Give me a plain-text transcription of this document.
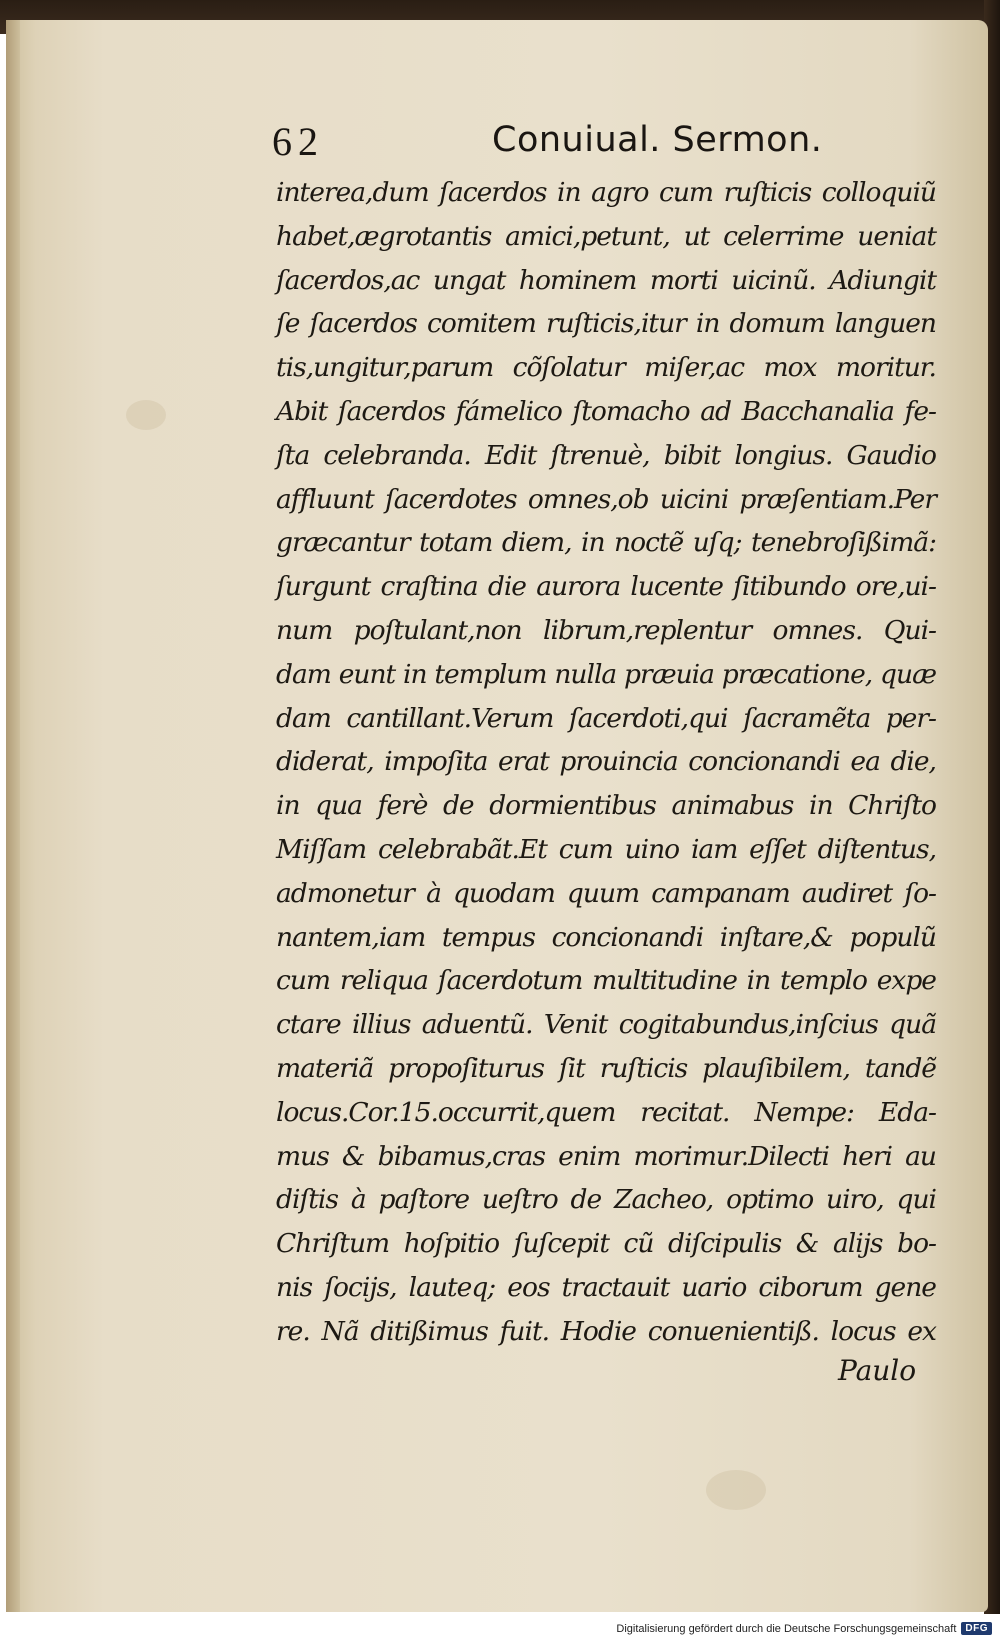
62	Conuiual. Sermon.
interea,dum ſacerdos in agro cum ruſticis colloquiũ
habet,ægrotantis amici,petunt, ut celerrime ueniat
ſacerdos,ac ungat hominem morti uicinũ. Adiungit
ſe ſacerdos comitem ruſticis,itur in domum languen
tis,ungitur,parum cõſolatur miſer,ac mox moritur.
Abit ſacerdos fámelico ſtomacho ad Bacchanalia fe-
ſta celebranda. Edit ſtrenuè, bibit longius. Gaudio
affluunt ſacerdotes omnes,ob uicini præſentiam.Per
græcantur totam diem, in noctẽ uſq; tenebroſißimã:
ſurgunt craſtina die aurora lucente ſitibundo ore,ui-
num poſtulant,non librum,replentur omnes. Qui-
dam eunt in templum nulla præuia præcatione, quæ
dam cantillant.Verum ſacerdoti,qui ſacramẽta per-
diderat, impoſita erat prouincia concionandi ea die,
in qua ferè de dormientibus animabus in Chriſto
Miſſam celebrabãt.Et cum uino iam eſſet diſtentus,
admonetur à quodam quum campanam audiret ſo-
nantem,iam tempus concionandi inſtare,& populũ
cum reliqua ſacerdotum multitudine in templo expe
ctare illius aduentũ. Venit cogitabundus,inſcius quã
materiã propoſiturus ſit ruſticis plauſibilem, tandẽ
locus.Cor.15.occurrit,quem recitat. Nempe: Eda-
mus & bibamus,cras enim morimur.Dilecti heri au
diſtis à paſtore ueſtro de Zacheo, optimo uiro, qui
Chriſtum hoſpitio ſuſcepit cũ diſcipulis & alijs bo-
nis ſocijs, lauteq; eos tractauit uario ciborum gene
re. Nã ditißimus fuit. Hodie conuenientiß. locus ex
Paulo
Digitalisierung gefördert durch die Deutsche Forschungsgemeinschaft DFG
